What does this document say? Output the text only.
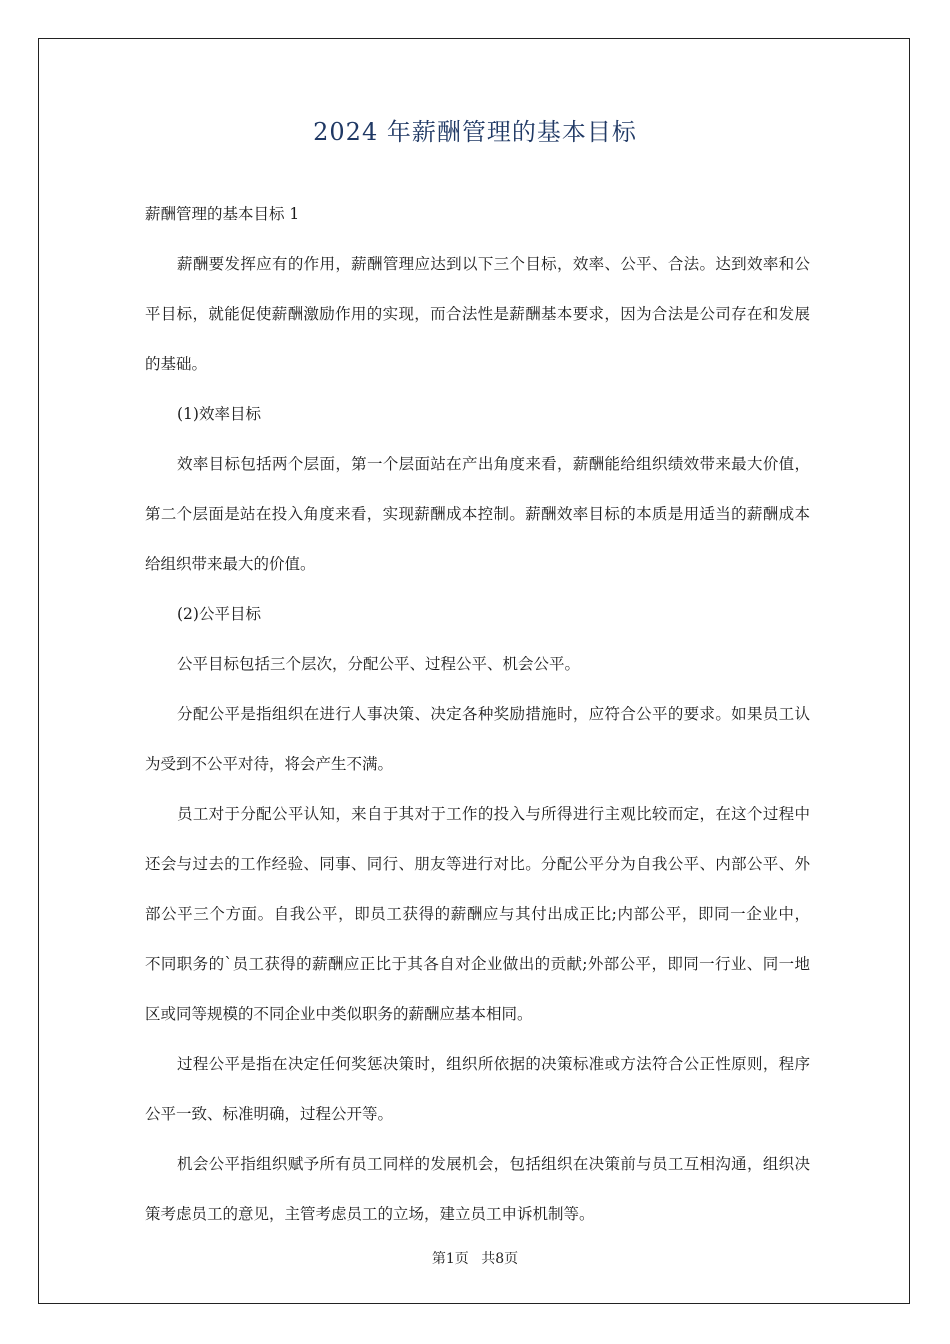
2024 年薪酬管理的基本目标
薪酬管理的基本目标 1
薪酬要发挥应有的作用，薪酬管理应达到以下三个目标，效率、公平、合法。达到效率和公
平目标，就能促使薪酬激励作用的实现，而合法性是薪酬基本要求，因为合法是公司存在和发展
的基础。
(1)效率目标
效率目标包括两个层面，第一个层面站在产出角度来看，薪酬能给组织绩效带来最大价值，
第二个层面是站在投入角度来看，实现薪酬成本控制。薪酬效率目标的本质是用适当的薪酬成本
给组织带来最大的价值。
(2)公平目标
公平目标包括三个层次，分配公平、过程公平、机会公平。
分配公平是指组织在进行人事决策、决定各种奖励措施时，应符合公平的要求。如果员工认
为受到不公平对待，将会产生不满。
员工对于分配公平认知，来自于其对于工作的投入与所得进行主观比较而定，在这个过程中
还会与过去的工作经验、同事、同行、朋友等进行对比。分配公平分为自我公平、内部公平、外
部公平三个方面。自我公平，即员工获得的薪酬应与其付出成正比;内部公平，即同一企业中，
不同职务的`员工获得的薪酬应正比于其各自对企业做出的贡献;外部公平，即同一行业、同一地
区或同等规模的不同企业中类似职务的薪酬应基本相同。
过程公平是指在决定任何奖惩决策时，组织所依据的决策标准或方法符合公正性原则，程序
公平一致、标准明确，过程公开等。
机会公平指组织赋予所有员工同样的发展机会，包括组织在决策前与员工互相沟通，组织决
策考虑员工的意见，主管考虑员工的立场，建立员工申诉机制等。
第1页 共8页
